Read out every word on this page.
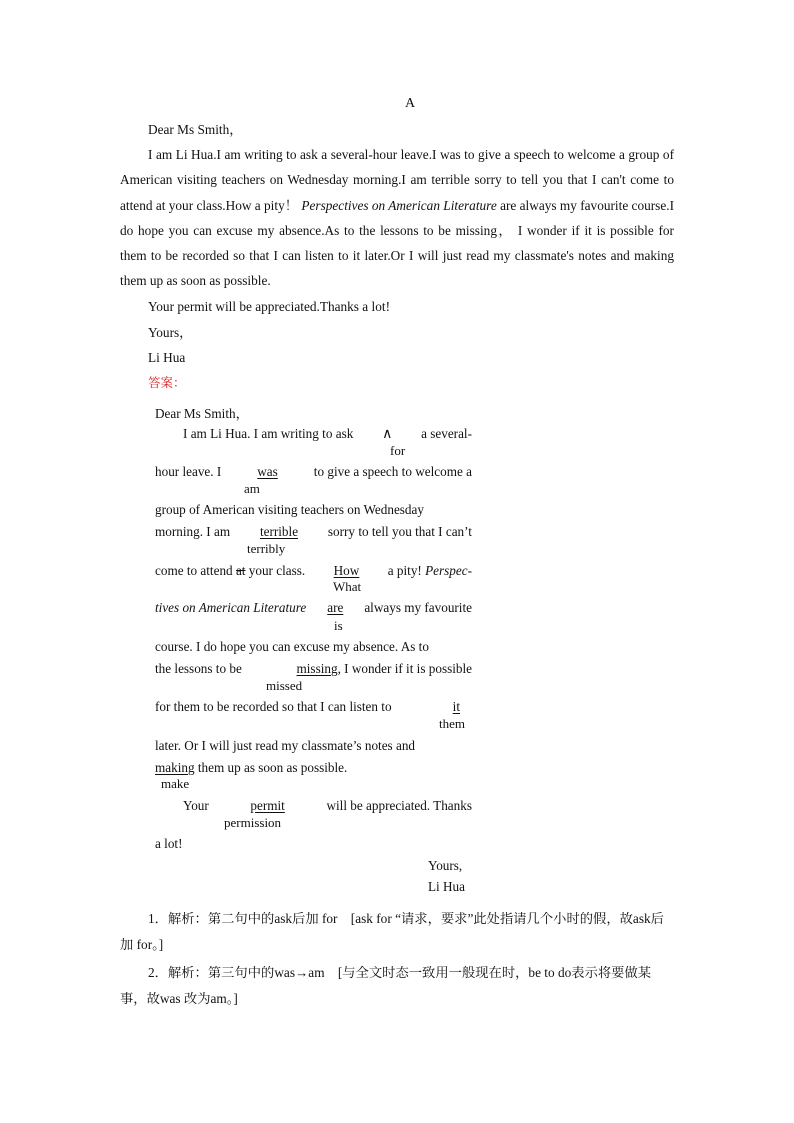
A
Dear Ms Smith，
I am Li Hua.I am writing to ask a several-hour leave.I was to give a speech to welcome a group of American visiting teachers on Wednesday morning.I am terrible sorry to tell you that I can't come to attend at your class.How a pity！ Perspectives on American Literature are always my favourite course.I do hope you can excuse my absence.As to the lessons to be missing， I wonder if it is possible for them to be recorded so that I can listen to it later.Or I will just read my classmate's notes and making them up as soon as possible.
Your permit will be appreciated.Thanks a lot!
Yours，
Li Hua
答案：
Dear Ms Smith，
I am Li Hua. I am writing to ask ∧ a several-
for
hour leave. I	was	to give a speech to welcome a
am
group of American visiting teachers on Wednesday
morning. I am terrible sorry to tell you that I can’t
terribly
come to attend at your class. How a pity! Perspec-
What
tives on American Literature are always my favourite
is
course. I do hope you can excuse my absence. As to
the lessons to be	missing, I wonder if it is possible
missed
for them to be recorded so that I can listen to	it
them
later. Or I will just read my classmate’s notes and
making them up as soon as possible.
make
Your	permit	will be appreciated. Thanks
permission
a lot!
Yours,
Li Hua
1．解析：第二句中的ask后加 for　[ask for “请求，要求”此处指请几个小时的假，故ask后加 for。]
2．解析：第三句中的was→am　[与全文时态一致用一般现在时，be to do表示将要做某事，故was 改为am。]
